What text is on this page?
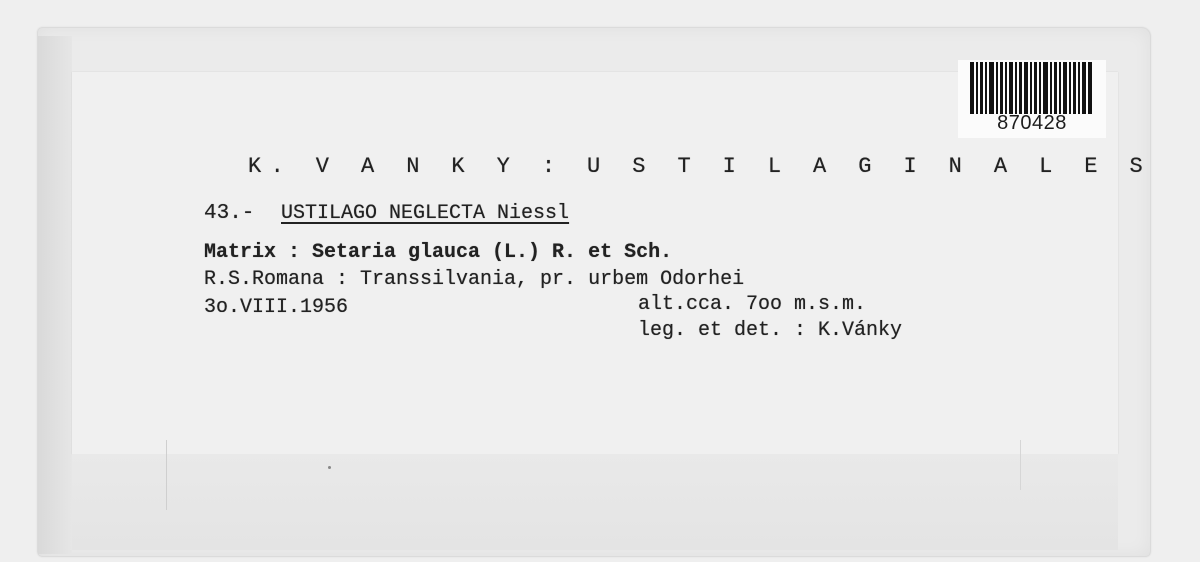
870428
K. V A N K Y : U S T I L A G I N A L E S
43.- USTILAGO NEGLECTA Niessl
Matrix : Setaria glauca (L.) R. et Sch.
R.S.Romana : Transsilvania, pr. urbem Odorhei
3o.VIII.1956	alt.cca. 7oo m.s.m.
leg. et det. : K.Vánky
